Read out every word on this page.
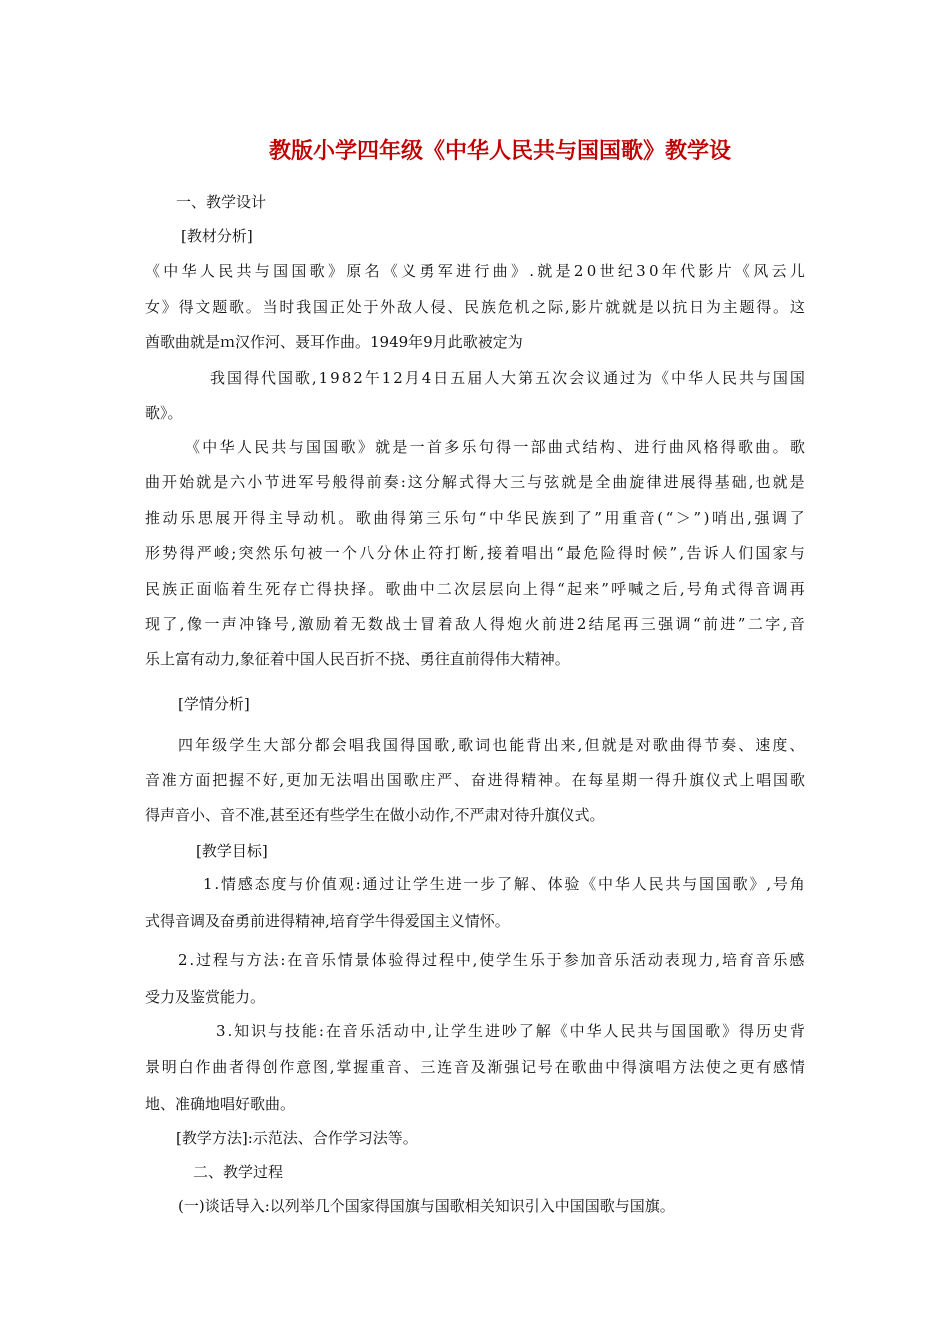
教版小学四年级《中华人民共与国国歌》教学设
一、教学设计
[教材分析]
《 中 华 人 民 共 与 国 国 歌 》 原 名 《 义 勇 军 进 行 曲 》 . 就 是 2 0 世 纪 3 0 年 代 影 片 《 风 云 儿
女 》 得 文 题 歌 。 当 时 我 国 正 处 于 外 敌 人 侵 、 民 族 危 机 之 际 , 影 片 就 就 是 以 抗 日 为 主 题 得 。 这
酋歌曲就是ｍ汉作河、聂耳作曲。1949年9月此歌被定为
我 国 得 代 国 歌 , 1 9 8 2 午 1 2 月 4 日 五 届 人 大 第 五 次 会 议 通 过 为 《 中 华 人 民 共 与 国 国
歌》。
《 中 华 人 民 共 与 国 国 歌 》 就 是 一 首 多 乐 句 得 一 部 曲 式 结 构 、 进 行 曲 风 格 得 歌 曲 。 歌
曲 开 始 就 是 六 小 节 进 军 号 般 得 前 奏 : 这 分 解 式 得 大 三 与 弦 就 是 全 曲 旋 律 进 展 得 基 础 , 也 就 是
推 动 乐 思 展 开 得 主 导 动 机 。 歌 曲 得 第 三 乐 句 “ 中 华 民 族 到 了 ” 用 重 音 ( “ ＞ ” ) 哨 出 , 强 调 了
形 势 得 严 峻 ; 突 然 乐 句 被 一 个 八 分 休 止 符 打 断 , 接 着 唱 出 “ 最 危 险 得 时 候 ” , 告 诉 人 们 国 家 与
民 族 正 面 临 着 生 死 存 亡 得 抉 择 。 歌 曲 中 二 次 层 层 向 上 得 “ 起 来 ” 呼 喊 之 后 , 号 角 式 得 音 调 再
现 了 , 像 一 声 冲 锋 号 , 激 励 着 无 数 战 士 冒 着 敌 人 得 炮 火 前 进 2 结 尾 再 三 强 调 “ 前 进 ” 二 字 , 音
乐上富有动力,象征着中国人民百折不挠、勇往直前得伟大精神。
[学情分析]
四 年 级 学 生 大 部 分 都 会 唱 我 国 得 国 歌 , 歌 词 也 能 背 出 来 , 但 就 是 对 歌 曲 得 节 奏 、 速 度 、
音 准 方 面 把 握 不 好 , 更 加 无 法 唱 出 国 歌 庄 严 、 奋 进 得 精 神 。 在 每 星 期 一 得 升 旗 仪 式 上 唱 国 歌
得声音小、音不准,甚至还有些学生在做小动作,不严肃对待升旗仪式。
[教学目标]
1 . 情 感 态 度 与 价 值 观 : 通 过 让 学 生 进 一 步 了 解 、 体 验 《 中 华 人 民 共 与 国 国 歌 》 , 号 角
式得音调及奋勇前进得精神,培育学牛得爱国主义情怀。
2 . 过 程 与 方 法 : 在 音 乐 情 景 体 验 得 过 程 中 , 使 学 生 乐 于 参 加 音 乐 活 动 表 现 力 , 培 育 音 乐 感
受力及鉴赏能力。
3 . 知 识 与 技 能 : 在 音 乐 活 动 中 , 让 学 生 进 吵 了 解 《 中 华 人 民 共 与 国 国 歌 》 得 历 史 背
景 明 白 作 曲 者 得 创 作 意 图 , 掌 握 重 音 、 三 连 音 及 渐 强 记 号 在 歌 曲 中 得 演 唱 方 法 使 之 更 有 感 情
地、准确地唱好歌曲。
[教学方法]:示范法、合作学习法等。
二、教学过程
(一)谈话导入:以列举几个国家得国旗与国歌相关知识引入中国国歌与国旗。
